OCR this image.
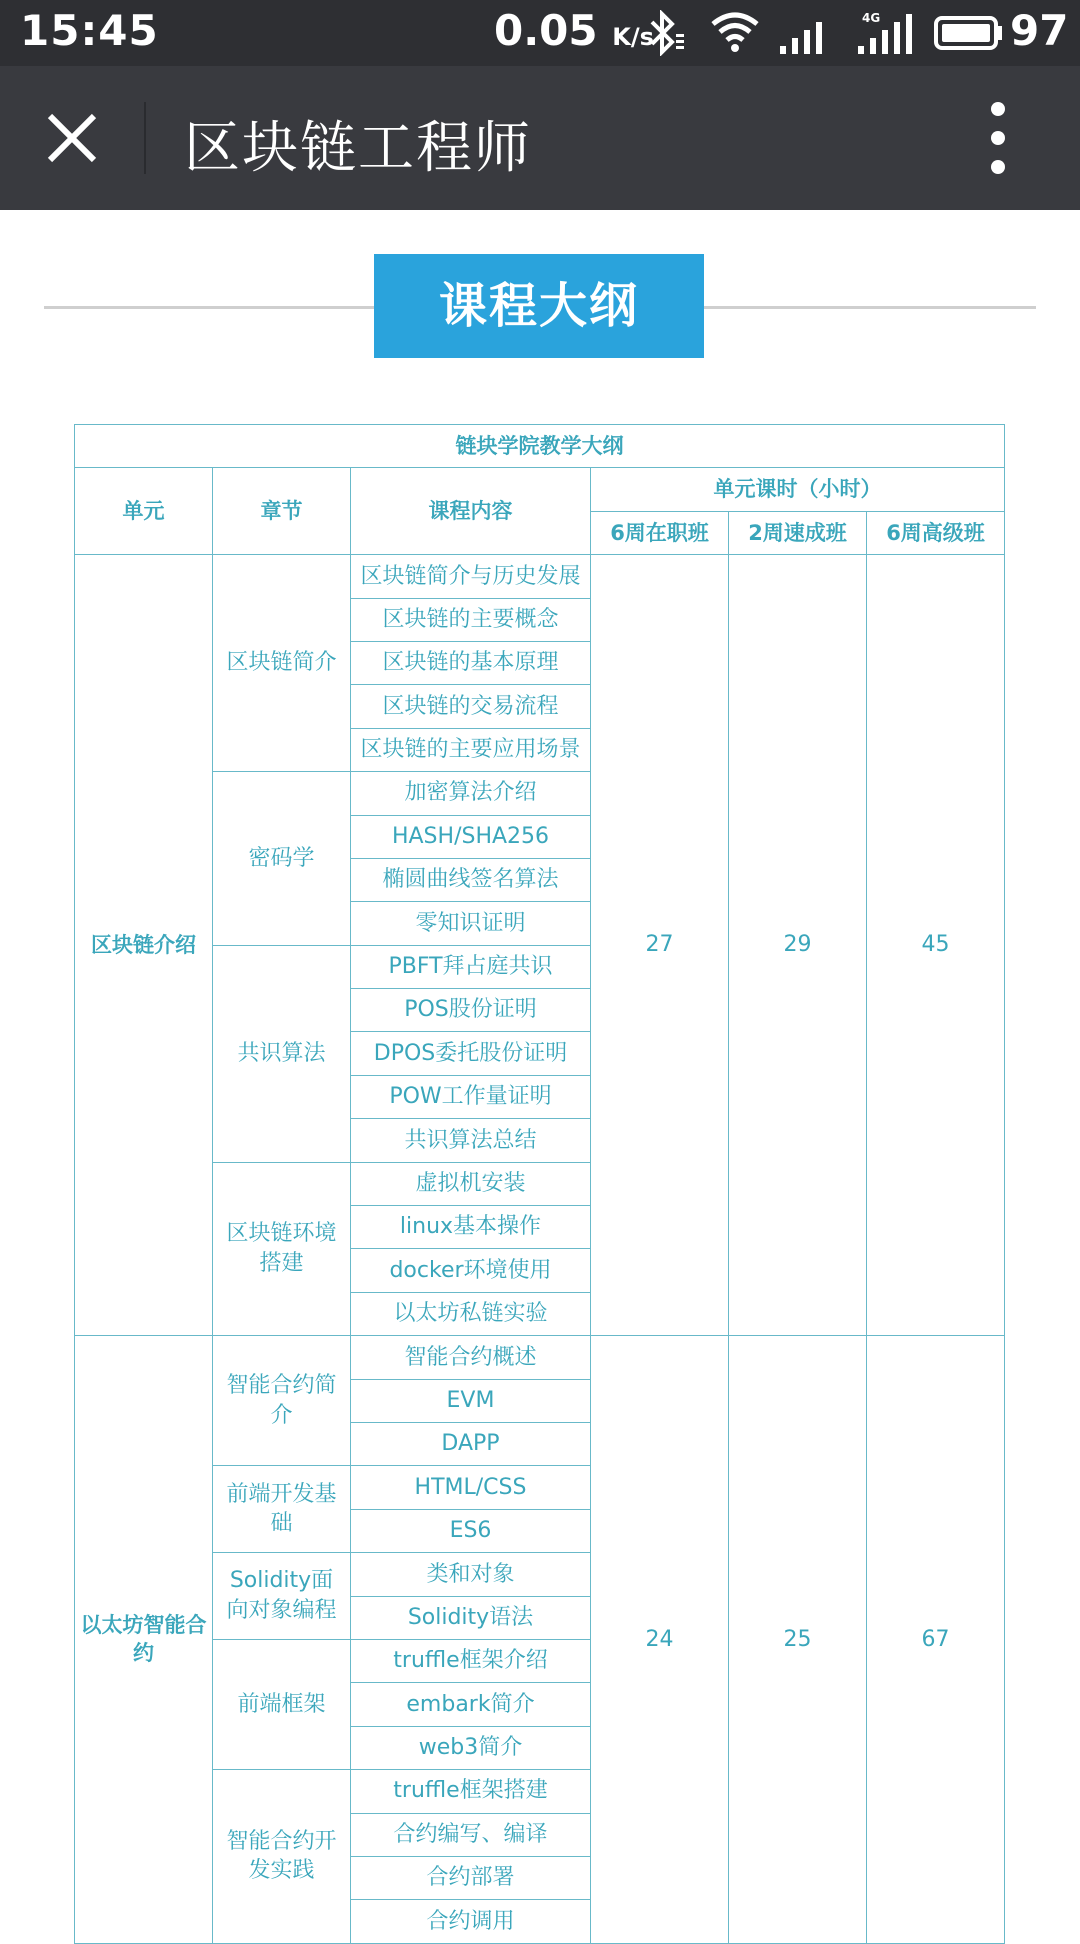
15:45	0.05 K/s
4G	97
区块链工程师
课程大纲
链块学院教学大纲					
单元	章节	课程内容	单元课时（小时）		
			6周在职班	2周速成班	6周高级班
区块链介绍	区块链简介	区块链简介与历史发展	27	29	45
		区块链的主要概念			
		区块链的基本原理			
		区块链的交易流程			
		区块链的主要应用场景			
	密码学	加密算法介绍			
		HASH/SHA256			
		椭圆曲线签名算法			
		零知识证明			
	共识算法	PBFT拜占庭共识			
		POS股份证明			
		DPOS委托股份证明			
		POW工作量证明			
		共识算法总结			
	区块链环境搭建	虚拟机安装			
		linux基本操作			
		docker环境使用			
		以太坊私链实验			
以太坊智能合约	智能合约简介	智能合约概述	24	25	67
		EVM			
		DAPP			
	前端开发基础	HTML/CSS			
		ES6			
	Solidity面向对象编程	类和对象			
		Solidity语法			
	前端框架	truffle框架介绍			
		embark简介			
		web3简介			
	智能合约开发实践	truffle框架搭建			
		合约编写、编译			
		合约部署			
		合约调用			
